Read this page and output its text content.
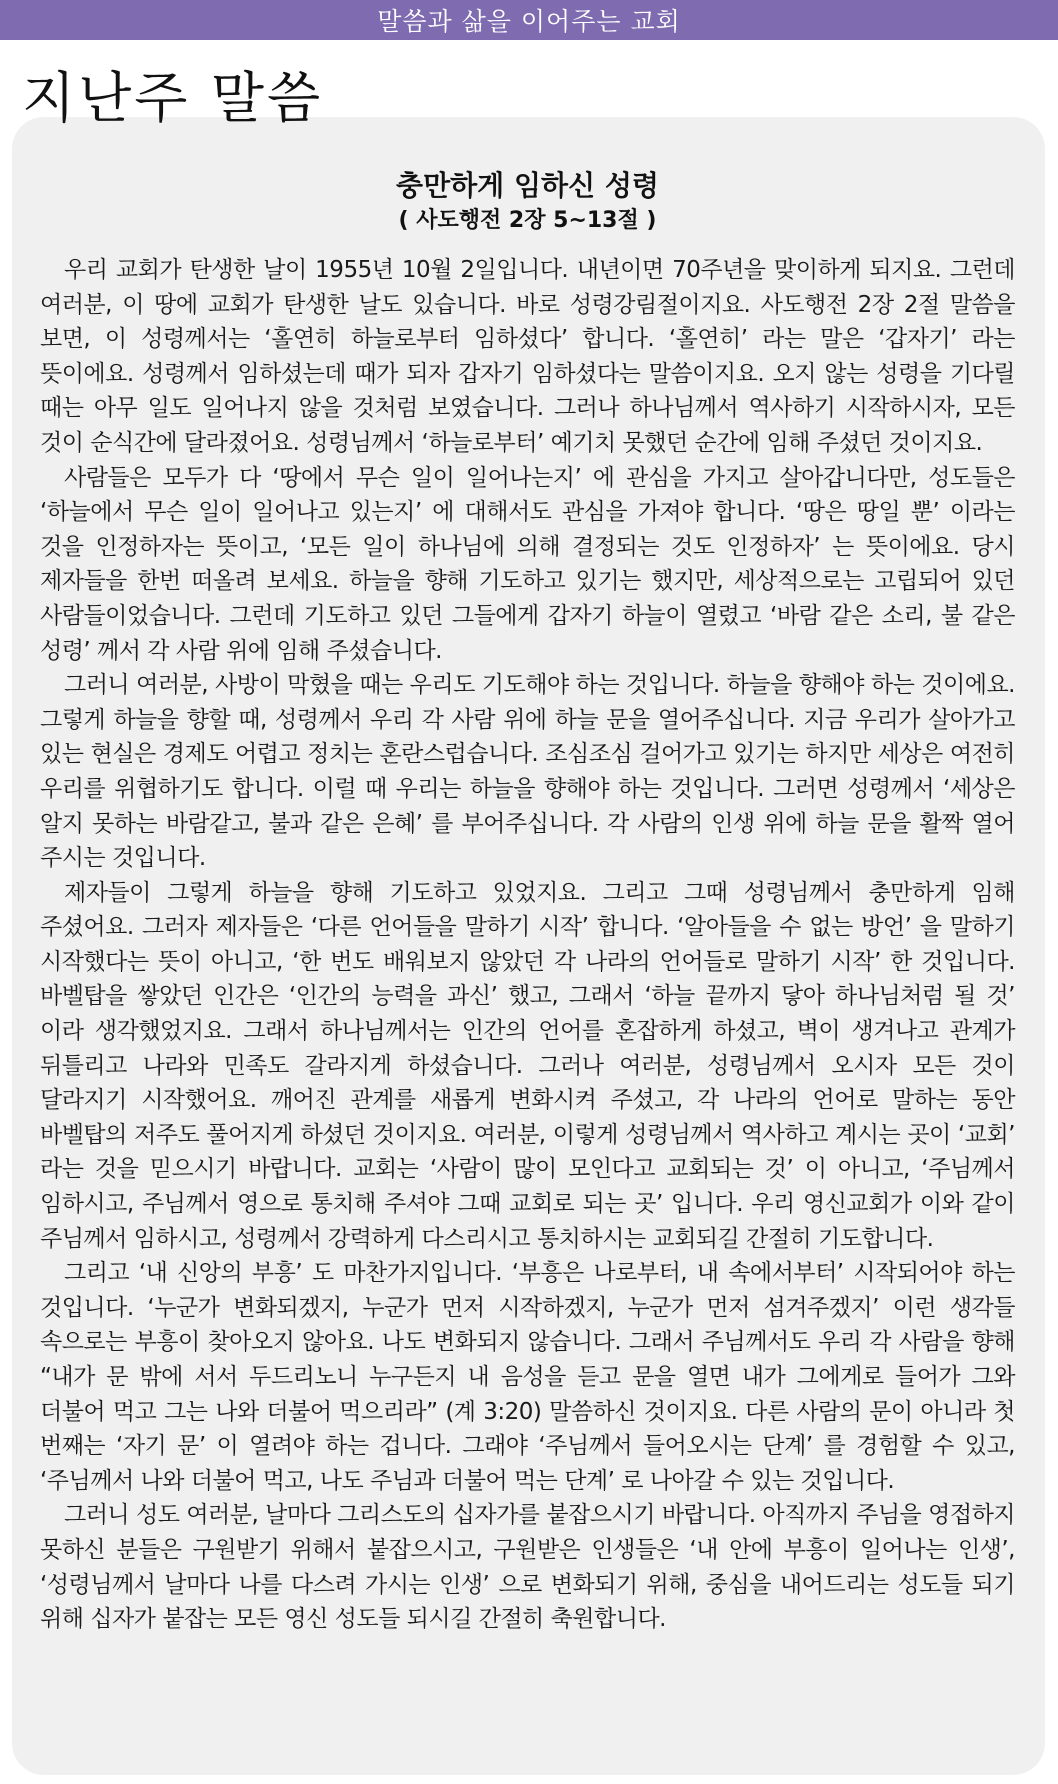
말씀과 삶을 이어주는 교회
지난주 말씀
충만하게 임하신 성령
( 사도행전 2장 5~13절 )

우리 교회가 탄생한 날이 1955년 10월 2일입니다. 내년이면 70주년을 맞이하게 되지요. 그런데 여러분, 이 땅에 교회가 탄생한 날도 있습니다. 바로 성령강림절이지요. 사도행전 2장 2절 말씀을 보면, 이 성령께서는 ‘홀연히 하늘로부터 임하셨다’ 합니다. ‘홀연히’ 라는 말은 ‘갑자기’ 라는 뜻이에요. 성령께서 임하셨는데 때가 되자 갑자기 임하셨다는 말씀이지요. 오지 않는 성령을 기다릴 때는 아무 일도 일어나지 않을 것처럼 보였습니다. 그러나 하나님께서 역사하기 시작하시자, 모든 것이 순식간에 달라졌어요. 성령님께서 ‘하늘로부터’ 예기치 못했던 순간에 임해 주셨던 것이지요.

사람들은 모두가 다 ‘땅에서 무슨 일이 일어나는지’ 에 관심을 가지고 살아갑니다만, 성도들은 ‘하늘에서 무슨 일이 일어나고 있는지’ 에 대해서도 관심을 가져야 합니다. ‘땅은 땅일 뿐’ 이라는 것을 인정하자는 뜻이고, ‘모든 일이 하나님에 의해 결정되는 것도 인정하자’ 는 뜻이에요. 당시 제자들을 한번 떠올려 보세요. 하늘을 향해 기도하고 있기는 했지만, 세상적으로는 고립되어 있던 사람들이었습니다. 그런데 기도하고 있던 그들에게 갑자기 하늘이 열렸고 ‘바람 같은 소리, 불 같은 성령’ 께서 각 사람 위에 임해 주셨습니다.

그러니 여러분, 사방이 막혔을 때는 우리도 기도해야 하는 것입니다. 하늘을 향해야 하는 것이에요. 그렇게 하늘을 향할 때, 성령께서 우리 각 사람 위에 하늘 문을 열어주십니다. 지금 우리가 살아가고 있는 현실은 경제도 어렵고 정치는 혼란스럽습니다. 조심조심 걸어가고 있기는 하지만 세상은 여전히 우리를 위협하기도 합니다. 이럴 때 우리는 하늘을 향해야 하는 것입니다. 그러면 성령께서 ‘세상은 알지 못하는 바람같고, 불과 같은 은혜’ 를 부어주십니다. 각 사람의 인생 위에 하늘 문을 활짝 열어 주시는 것입니다.

제자들이 그렇게 하늘을 향해 기도하고 있었지요. 그리고 그때 성령님께서 충만하게 임해 주셨어요. 그러자 제자들은 ‘다른 언어들을 말하기 시작’ 합니다. ‘알아들을 수 없는 방언’ 을 말하기 시작했다는 뜻이 아니고, ‘한 번도 배워보지 않았던 각 나라의 언어들로 말하기 시작’ 한 것입니다. 바벨탑을 쌓았던 인간은 ‘인간의 능력을 과신’ 했고, 그래서 ‘하늘 끝까지 닿아 하나님처럼 될 것’ 이라 생각했었지요. 그래서 하나님께서는 인간의 언어를 혼잡하게 하셨고, 벽이 생겨나고 관계가 뒤틀리고 나라와 민족도 갈라지게 하셨습니다. 그러나 여러분, 성령님께서 오시자 모든 것이 달라지기 시작했어요. 깨어진 관계를 새롭게 변화시켜 주셨고, 각 나라의 언어로 말하는 동안 바벨탑의 저주도 풀어지게 하셨던 것이지요. 여러분, 이렇게 성령님께서 역사하고 계시는 곳이 ‘교회’ 라는 것을 믿으시기 바랍니다. 교회는 ‘사람이 많이 모인다고 교회되는 것’ 이 아니고, ‘주님께서 임하시고, 주님께서 영으로 통치해 주셔야 그때 교회로 되는 곳’ 입니다. 우리 영신교회가 이와 같이 주님께서 임하시고, 성령께서 강력하게 다스리시고 통치하시는 교회되길 간절히 기도합니다.

그리고 ‘내 신앙의 부흥’ 도 마찬가지입니다. ‘부흥은 나로부터, 내 속에서부터’ 시작되어야 하는 것입니다. ‘누군가 변화되겠지, 누군가 먼저 시작하겠지, 누군가 먼저 섬겨주겠지’ 이런 생각들 속으로는 부흥이 찾아오지 않아요. 나도 변화되지 않습니다. 그래서 주님께서도 우리 각 사람을 향해 “내가 문 밖에 서서 두드리노니 누구든지 내 음성을 듣고 문을 열면 내가 그에게로 들어가 그와 더불어 먹고 그는 나와 더불어 먹으리라” (계 3:20) 말씀하신 것이지요. 다른 사람의 문이 아니라 첫 번째는 ‘자기 문’ 이 열려야 하는 겁니다. 그래야 ‘주님께서 들어오시는 단계’ 를 경험할 수 있고, ‘주님께서 나와 더불어 먹고, 나도 주님과 더불어 먹는 단계’ 로 나아갈 수 있는 것입니다.

그러니 성도 여러분, 날마다 그리스도의 십자가를 붙잡으시기 바랍니다. 아직까지 주님을 영접하지 못하신 분들은 구원받기 위해서 붙잡으시고, 구원받은 인생들은 ‘내 안에 부흥이 일어나는 인생’, ‘성령님께서 날마다 나를 다스려 가시는 인생’ 으로 변화되기 위해, 중심을 내어드리는 성도들 되기 위해 십자가 붙잡는 모든 영신 성도들 되시길 간절히 축원합니다.
